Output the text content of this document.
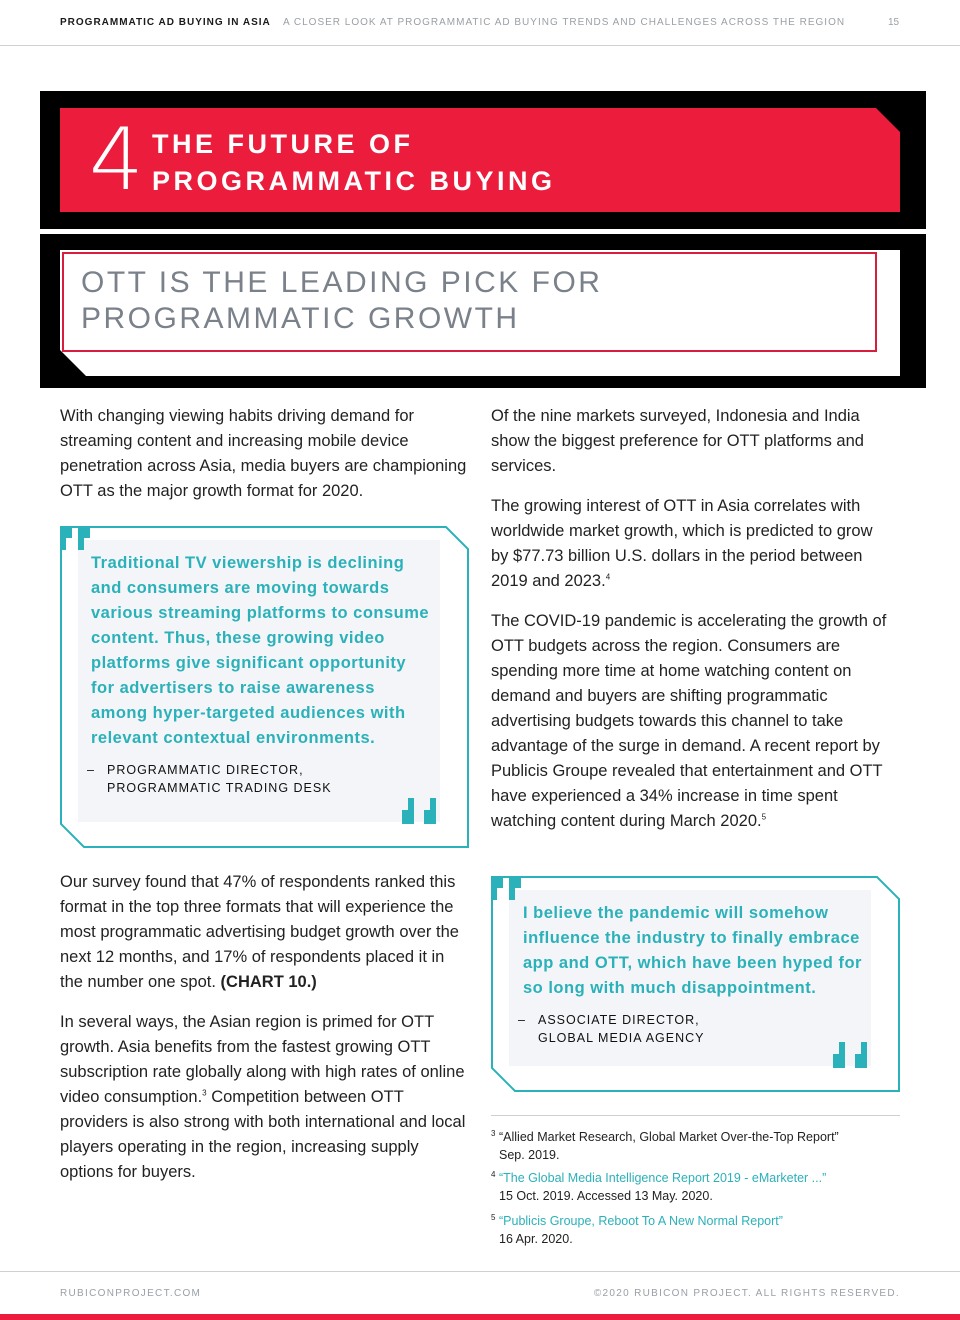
PROGRAMMATIC AD BUYING IN ASIA A CLOSER LOOK AT PROGRAMMATIC AD BUYING TRENDS AND CHALLENGES ACROSS THE REGION	15
4 THE FUTURE OF
PROGRAMMATIC BUYING
OTT IS THE LEADING PICK FOR
PROGRAMMATIC GROWTH

With changing viewing habits driving demand for streaming content and increasing mobile device penetration across Asia, media buyers are championing OTT as the major growth format for 2020.

Traditional TV viewership is declining and consumers are moving towards various streaming platforms to consume content. Thus, these growing video platforms give significant opportunity for advertisers to raise awareness among hyper-targeted audiences with relevant contextual environments.
– PROGRAMMATIC DIRECTOR,
PROGRAMMATIC TRADING DESK

Our survey found that 47% of respondents ranked this format in the top three formats that will experience the most programmatic advertising budget growth over the next 12 months, and 17% of respondents placed it in the number one spot. (CHART 10.)

In several ways, the Asian region is primed for OTT growth. Asia benefits from the fastest growing OTT subscription rate globally along with high rates of online video consumption.$^3$ Competition between OTT providers is also strong with both international and local players operating in the region, increasing supply options for buyers.

Of the nine markets surveyed, Indonesia and India show the biggest preference for OTT platforms and services.

The growing interest of OTT in Asia correlates with worldwide market growth, which is predicted to grow by $77.73 billion U.S. dollars in the period between 2019 and 2023.$^4$

The COVID-19 pandemic is accelerating the growth of OTT budgets across the region. Consumers are spending more time at home watching content on demand and buyers are shifting programmatic advertising budgets towards this channel to take advantage of the surge in demand. A recent report by Publicis Groupe revealed that entertainment and OTT have experienced a 34% increase in time spent watching content during March 2020.$^5$

I believe the pandemic will somehow influence the industry to finally embrace app and OTT, which have been hyped for so long with much disappointment.
– ASSOCIATE DIRECTOR,
GLOBAL MEDIA AGENCY
3 “Allied Market Research, Global Market Over-the-Top Report”
Sep. 2019.
4 “The Global Media Intelligence Report 2019 - eMarketer ...”
15 Oct. 2019. Accessed 13 May. 2020.
5 “Publicis Groupe, Reboot To A New Normal Report”
16 Apr. 2020.
RUBICONPROJECT.COM	©2020 RUBICON PROJECT. ALL RIGHTS RESERVED.
